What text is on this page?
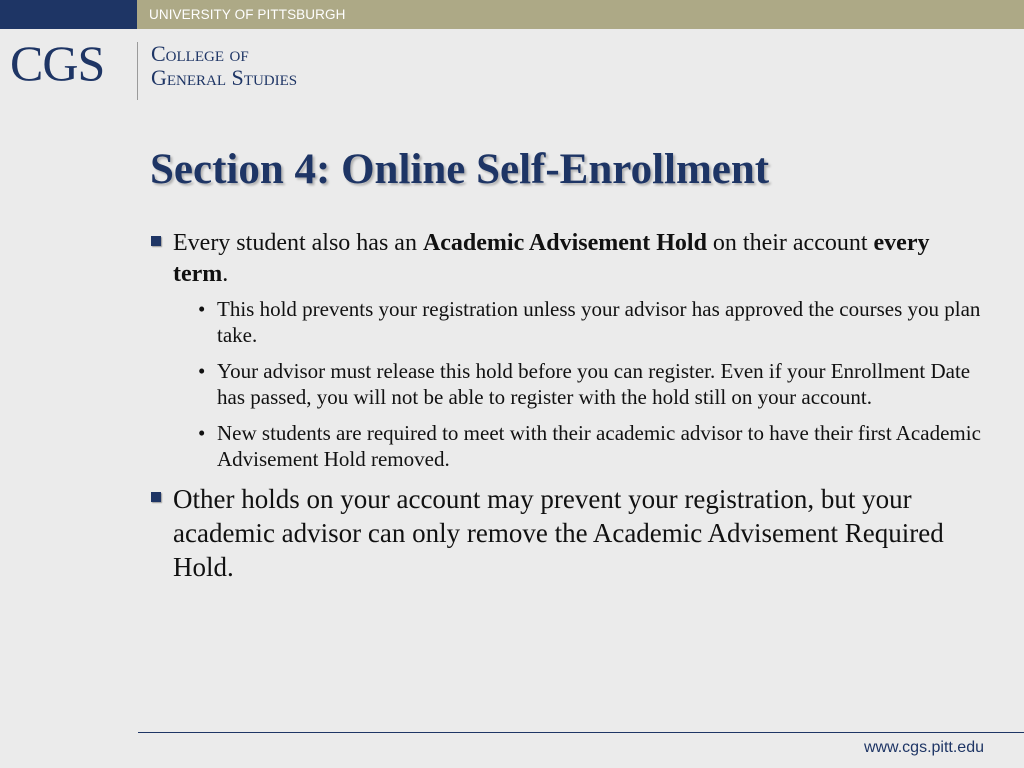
UNIVERSITY OF PITTSBURGH
CGS College of
General Studies
Section 4: Online Self-Enrollment
Every student also has an Academic Advisement Hold on their account every term.
• This hold prevents your registration unless your advisor has approved the courses you plan take.
• Your advisor must release this hold before you can register. Even if your Enrollment Date has passed, you will not be able to register with the hold still on your account.
• New students are required to meet with their academic advisor to have their first Academic Advisement Hold removed.
Other holds on your account may prevent your registration, but your academic advisor can only remove the Academic Advisement Required Hold.
www.cgs.pitt.edu
